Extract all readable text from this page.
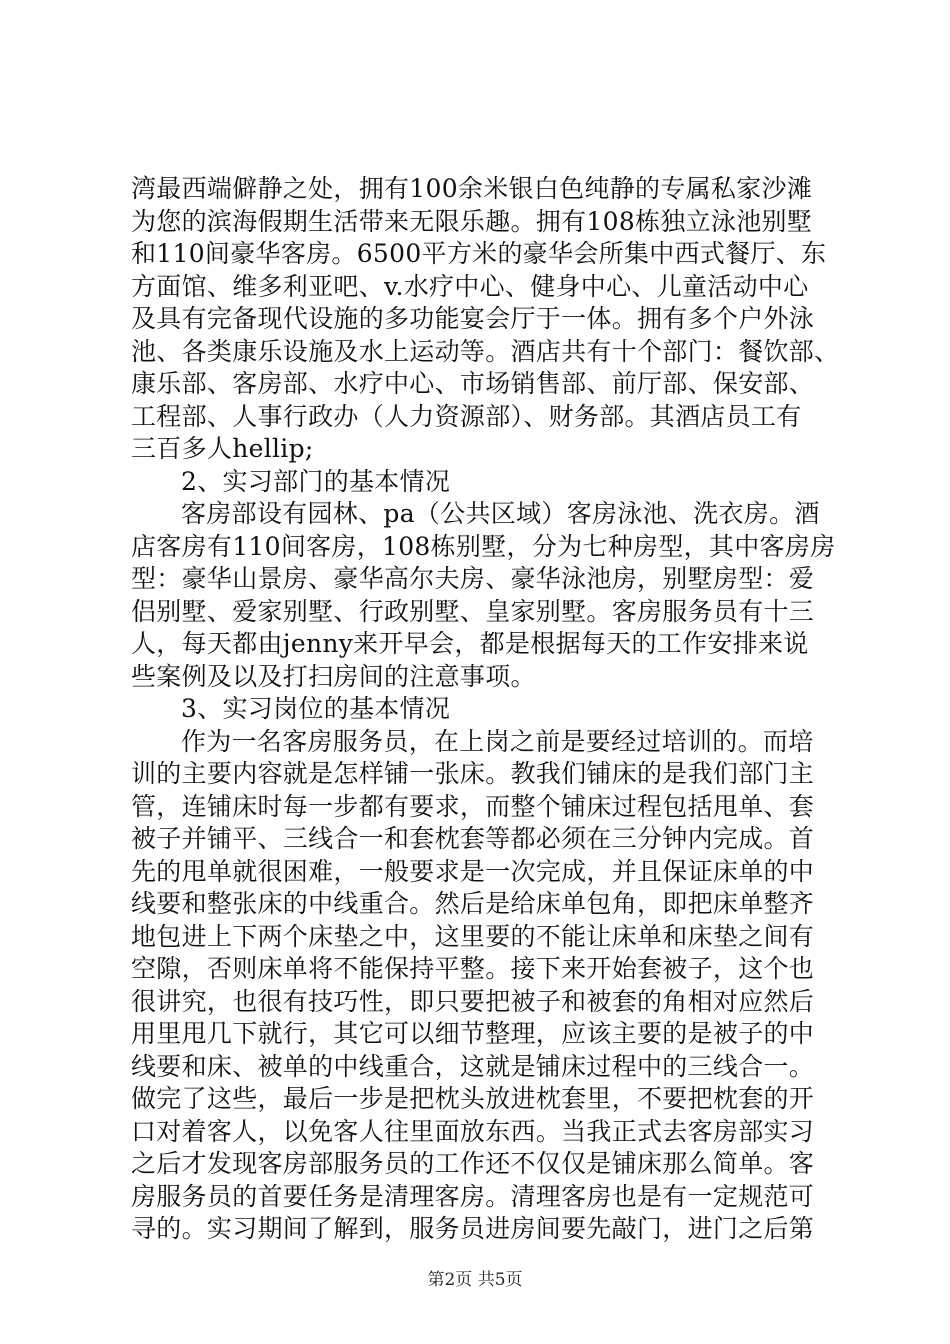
湾最西端僻静之处，拥有100余米银白色纯静的专属私家沙滩
为您的滨海假期生活带来无限乐趣。拥有108栋独立泳池别墅
和110间豪华客房。6500平方米的豪华会所集中西式餐厅、东
方面馆、维多利亚吧、v.水疗中心、健身中心、儿童活动中心
及具有完备现代设施的多功能宴会厅于一体。拥有多个户外泳
池、各类康乐设施及水上运动等。酒店共有十个部门：餐饮部、
康乐部、客房部、水疗中心、市场销售部、前厅部、保安部、
工程部、人事行政办（人力资源部）、财务部。其酒店员工有
三百多人hellip;
2、实习部门的基本情况
客房部设有园林、pa（公共区域）客房泳池、洗衣房。酒
店客房有110间客房，108栋别墅，分为七种房型，其中客房房
型：豪华山景房、豪华高尔夫房、豪华泳池房，别墅房型：爱
侣别墅、爱家别墅、行政别墅、皇家别墅。客房服务员有十三
人，每天都由jenny来开早会，都是根据每天的工作安排来说
些案例及以及打扫房间的注意事项。
3、实习岗位的基本情况
作为一名客房服务员，在上岗之前是要经过培训的。而培
训的主要内容就是怎样铺一张床。教我们铺床的是我们部门主
管，连铺床时每一步都有要求，而整个铺床过程包括甩单、套
被子并铺平、三线合一和套枕套等都必须在三分钟内完成。首
先的甩单就很困难，一般要求是一次完成，并且保证床单的中
线要和整张床的中线重合。然后是给床单包角，即把床单整齐
地包进上下两个床垫之中，这里要的不能让床单和床垫之间有
空隙，否则床单将不能保持平整。接下来开始套被子，这个也
很讲究，也很有技巧性，即只要把被子和被套的角相对应然后
用里甩几下就行，其它可以细节整理，应该主要的是被子的中
线要和床、被单的中线重合，这就是铺床过程中的三线合一。
做完了这些，最后一步是把枕头放进枕套里，不要把枕套的开
口对着客人，以免客人往里面放东西。当我正式去客房部实习
之后才发现客房部服务员的工作还不仅仅是铺床那么简单。客
房服务员的首要任务是清理客房。清理客房也是有一定规范可
寻的。实习期间了解到，服务员进房间要先敲门，进门之后第
第2页 共5页
